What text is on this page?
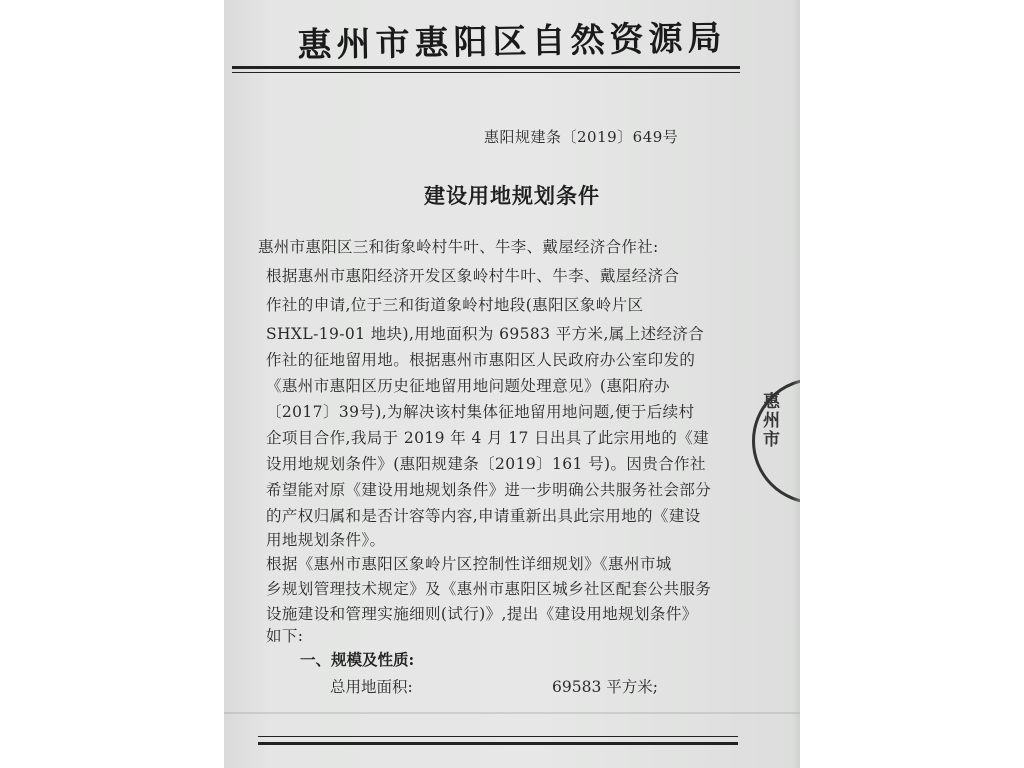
惠州市惠阳区自然资源局
惠阳规建条〔2019〕649号
建设用地规划条件
惠州市惠阳区三和街象岭村牛叶、牛李、戴屋经济合作社:
根据惠州市惠阳经济开发区象岭村牛叶、牛李、戴屋经济合
作社的申请,位于三和街道象岭村地段(惠阳区象岭片区
SHXL-19-01 地块),用地面积为 69583 平方米,属上述经济合
作社的征地留用地。根据惠州市惠阳区人民政府办公室印发的
《惠州市惠阳区历史征地留用地问题处理意见》(惠阳府办
〔2017〕39号),为解决该村集体征地留用地问题,便于后续村
企项目合作,我局于 2019 年 4 月 17 日出具了此宗用地的《建
设用地规划条件》(惠阳规建条〔2019〕161 号)。因贵合作社
希望能对原《建设用地规划条件》进一步明确公共服务社会部分
的产权归属和是否计容等内容,申请重新出具此宗用地的《建设
用地规划条件》。
根据《惠州市惠阳区象岭片区控制性详细规划》《惠州市城
乡规划管理技术规定》及《惠州市惠阳区城乡社区配套公共服务
设施建设和管理实施细则(试行)》,提出《建设用地规划条件》
如下:
一、规模及性质:
总用地面积:	69583 平方米;
惠州市
